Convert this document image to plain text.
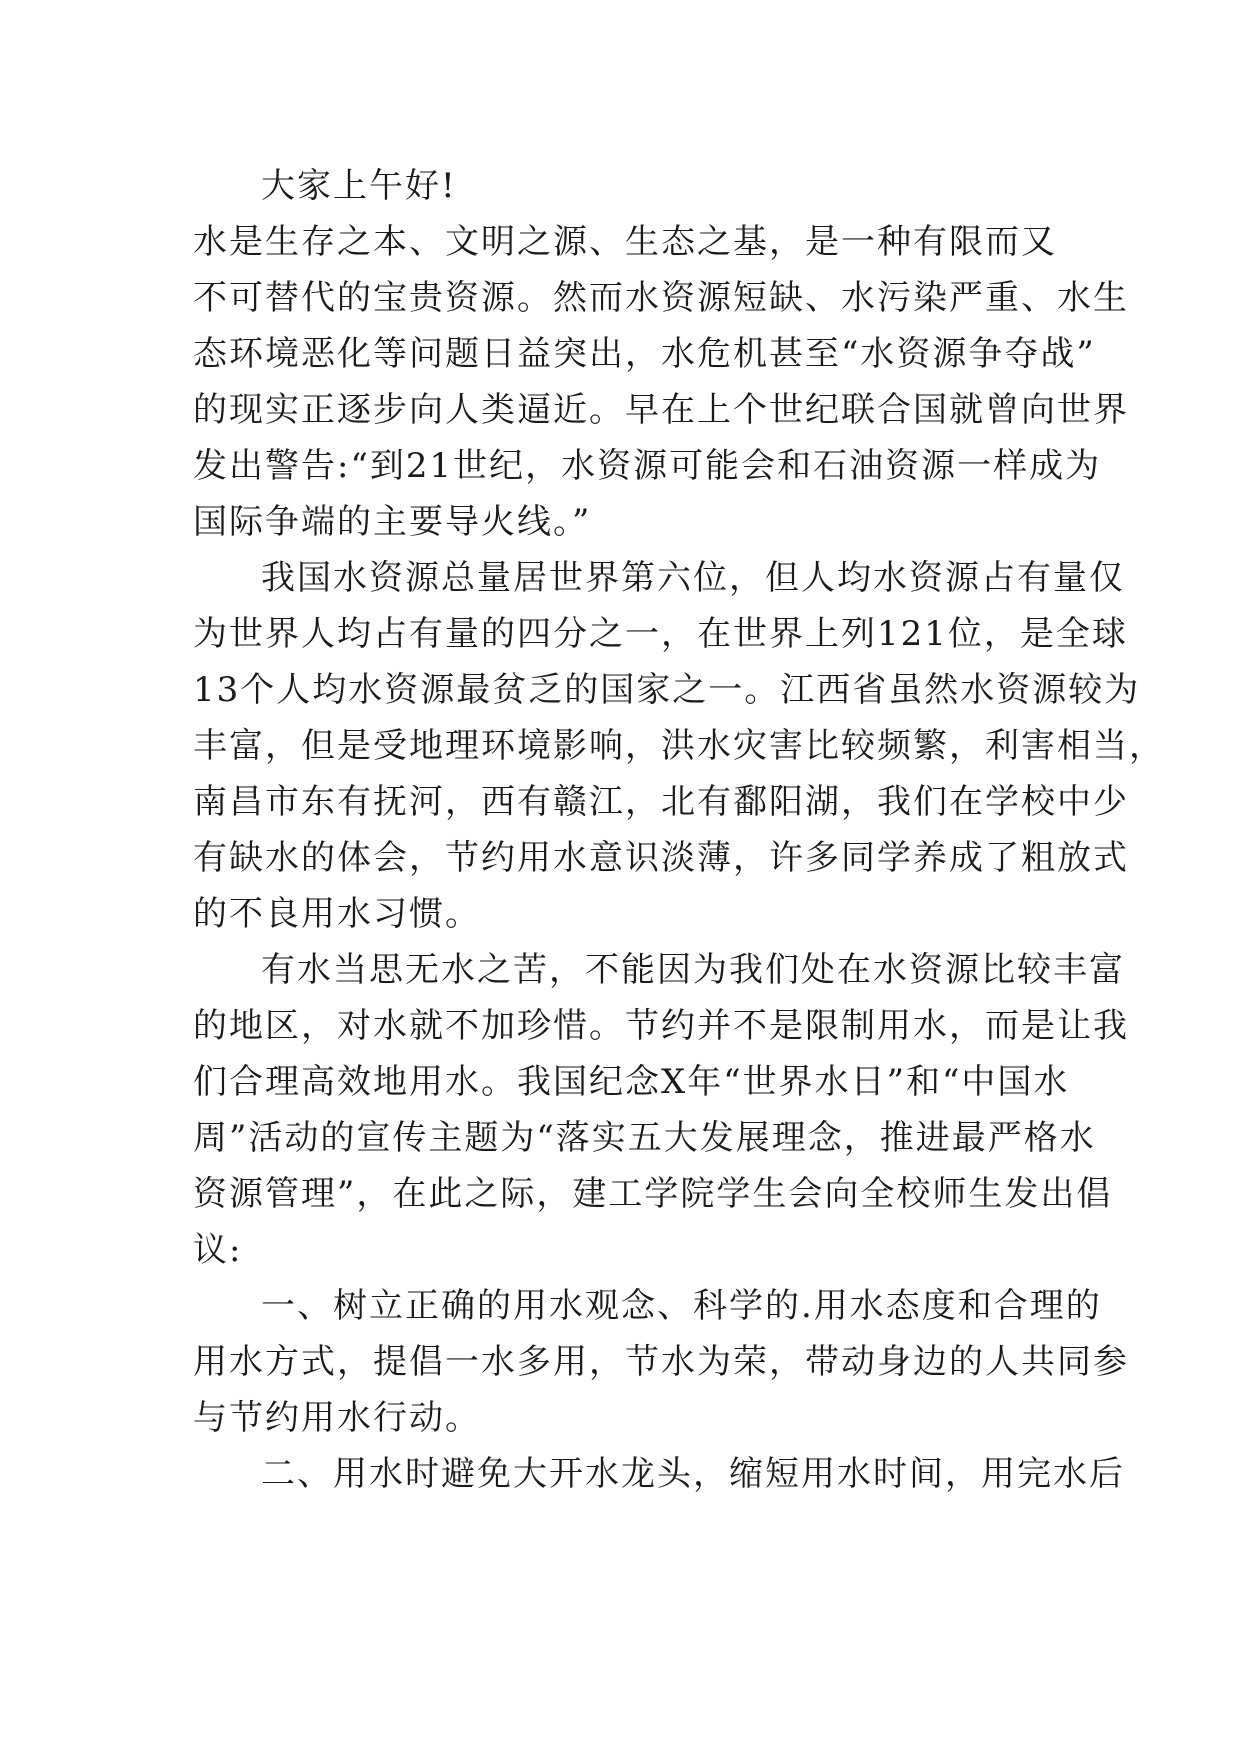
大家上午好!

水是生存之本、文明之源、生态之基，是一种有限而又
不可替代的宝贵资源。然而水资源短缺、水污染严重、水生
态环境恶化等问题日益突出，水危机甚至“水资源争夺战”
的现实正逐步向人类逼近。早在上个世纪联合国就曾向世界
发出警告:“到21世纪，水资源可能会和石油资源一样成为
国际争端的主要导火线。”

我国水资源总量居世界第六位，但人均水资源占有量仅
为世界人均占有量的四分之一，在世界上列121位，是全球
13个人均水资源最贫乏的国家之一。江西省虽然水资源较为
丰富，但是受地理环境影响，洪水灾害比较频繁，利害相当，
南昌市东有抚河，西有赣江，北有鄱阳湖，我们在学校中少
有缺水的体会，节约用水意识淡薄，许多同学养成了粗放式
的不良用水习惯。

有水当思无水之苦，不能因为我们处在水资源比较丰富
的地区，对水就不加珍惜。节约并不是限制用水，而是让我
们合理高效地用水。我国纪念X年“世界水日”和“中国水
周”活动的宣传主题为“落实五大发展理念，推进最严格水
资源管理”，在此之际，建工学院学生会向全校师生发出倡
议:

一、树立正确的用水观念、科学的.用水态度和合理的
用水方式，提倡一水多用，节水为荣，带动身边的人共同参
与节约用水行动。

二、用水时避免大开水龙头，缩短用水时间，用完水后
